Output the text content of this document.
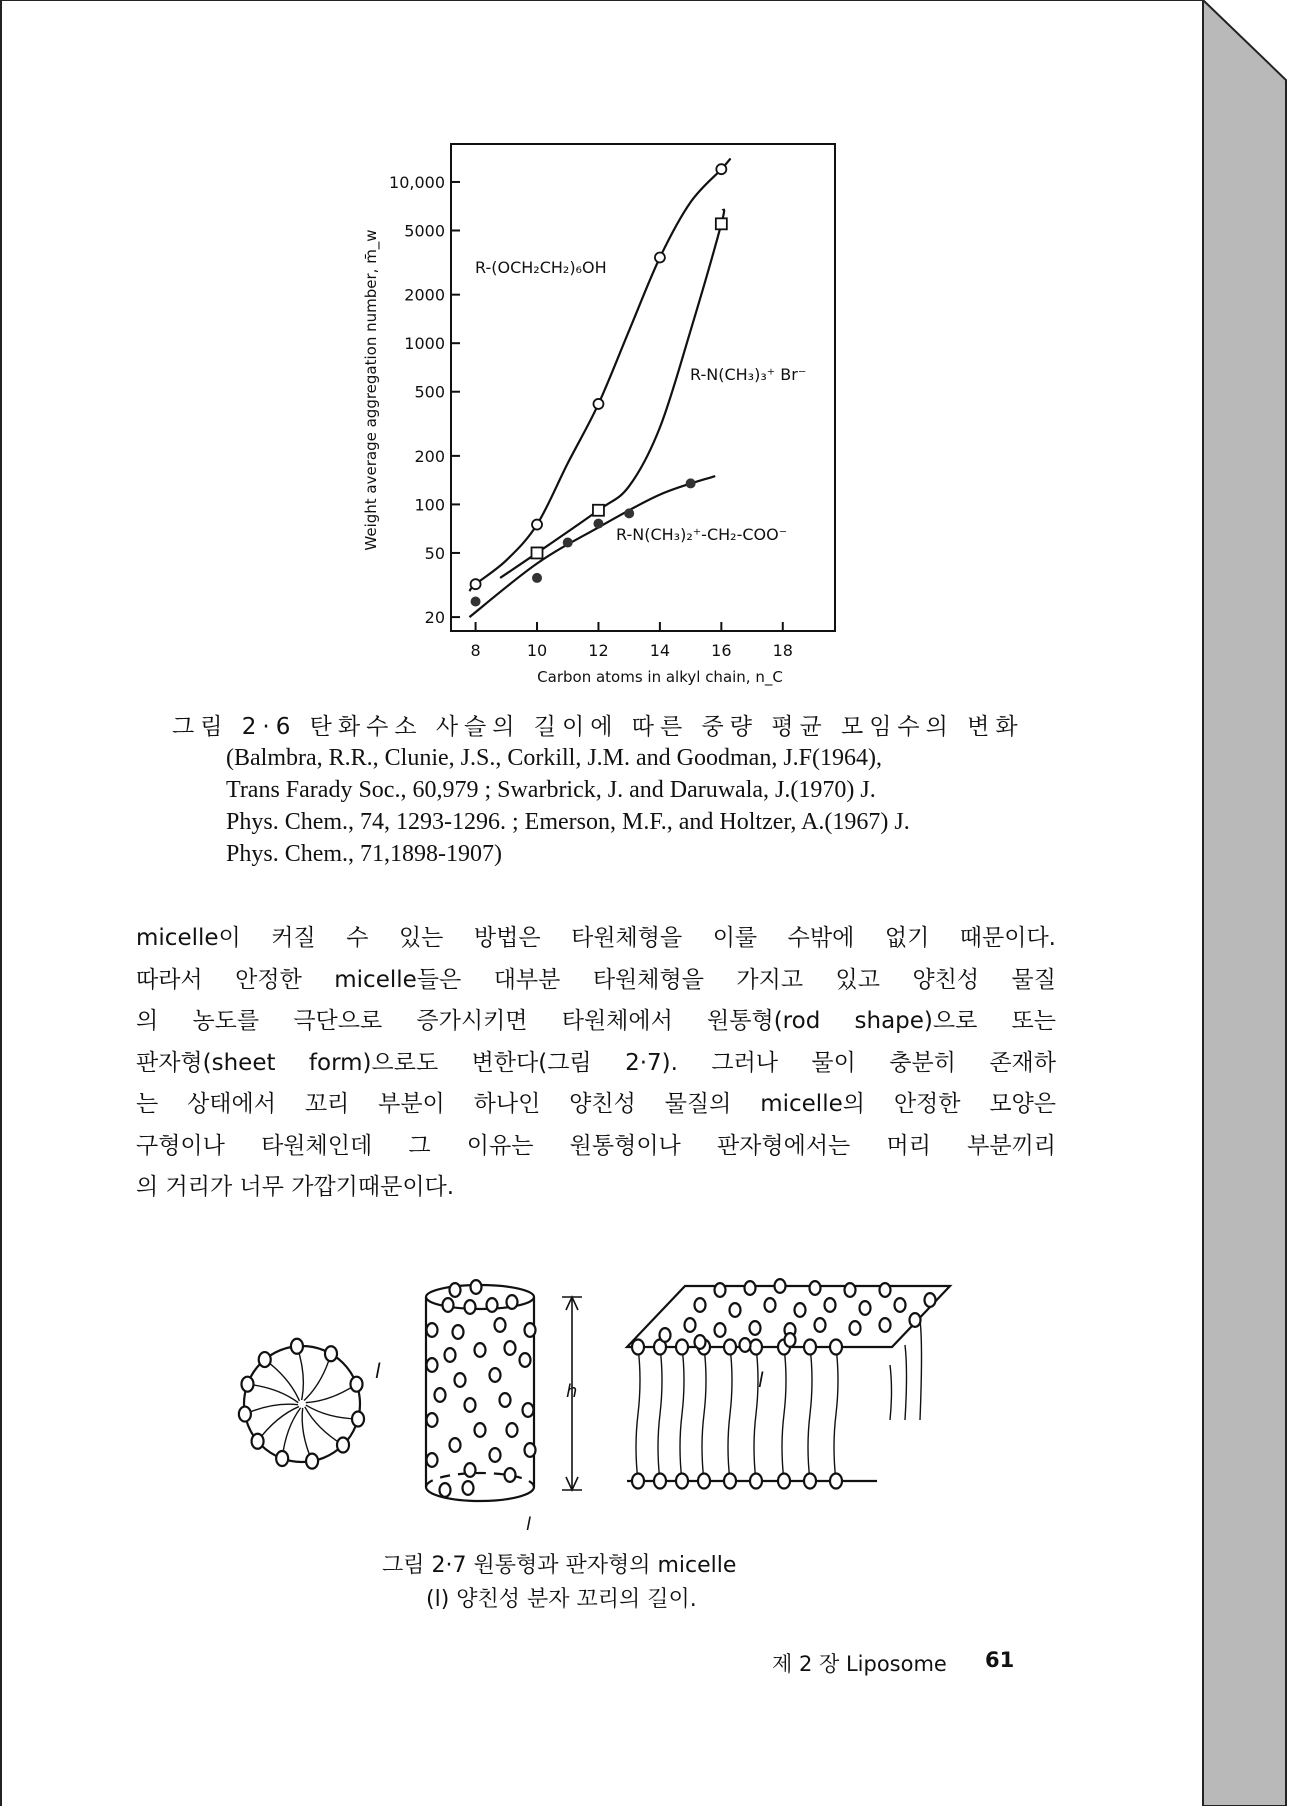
20
50
100
200
500
1000
2000
5000
10,000
8	10	12	14	16	18
Carbon atoms in alkyl chain, n_C
Weight average aggregation number, m̄_w	R-(OCH₂CH₂)₆OH
R-N(CH₃)₃⁺ Br⁻
R-N(CH₃)₂⁺-CH₂-COO⁻
그림 2·6 탄화수소 사슬의 길이에 따른 중량 평균 모임수의 변화
(Balmbra, R.R., Clunie, J.S., Corkill, J.M. and Goodman, J.F(1964),
Trans Farady Soc., 60,979 ; Swarbrick, J. and Daruwala, J.(1970) J.
Phys. Chem., 74, 1293-1296. ; Emerson, M.F., and Holtzer, A.(1967) J.
Phys. Chem., 71,1898-1907)
micelle이 커질 수 있는 방법은 타원체형을 이룰 수밖에 없기 때문이다.
따라서 안정한 micelle들은 대부분 타원체형을 가지고 있고 양친성 물질
의 농도를 극단으로 증가시키면 타원체에서 원통형(rod shape)으로 또는
판자형(sheet form)으로도 변한다(그림 2·7). 그러나 물이 충분히 존재하
는 상태에서 꼬리 부분이 하나인 양친성 물질의 micelle의 안정한 모양은
구형이나 타원체인데 그 이유는 원통형이나 판자형에서는 머리 부분끼리
의 거리가 너무 가깝기때문이다.
l
h
l
l
그림 2·7 원통형과 판자형의 micelle
(l) 양친성 분자 꼬리의 길이.
제 2 장 Liposome 61
